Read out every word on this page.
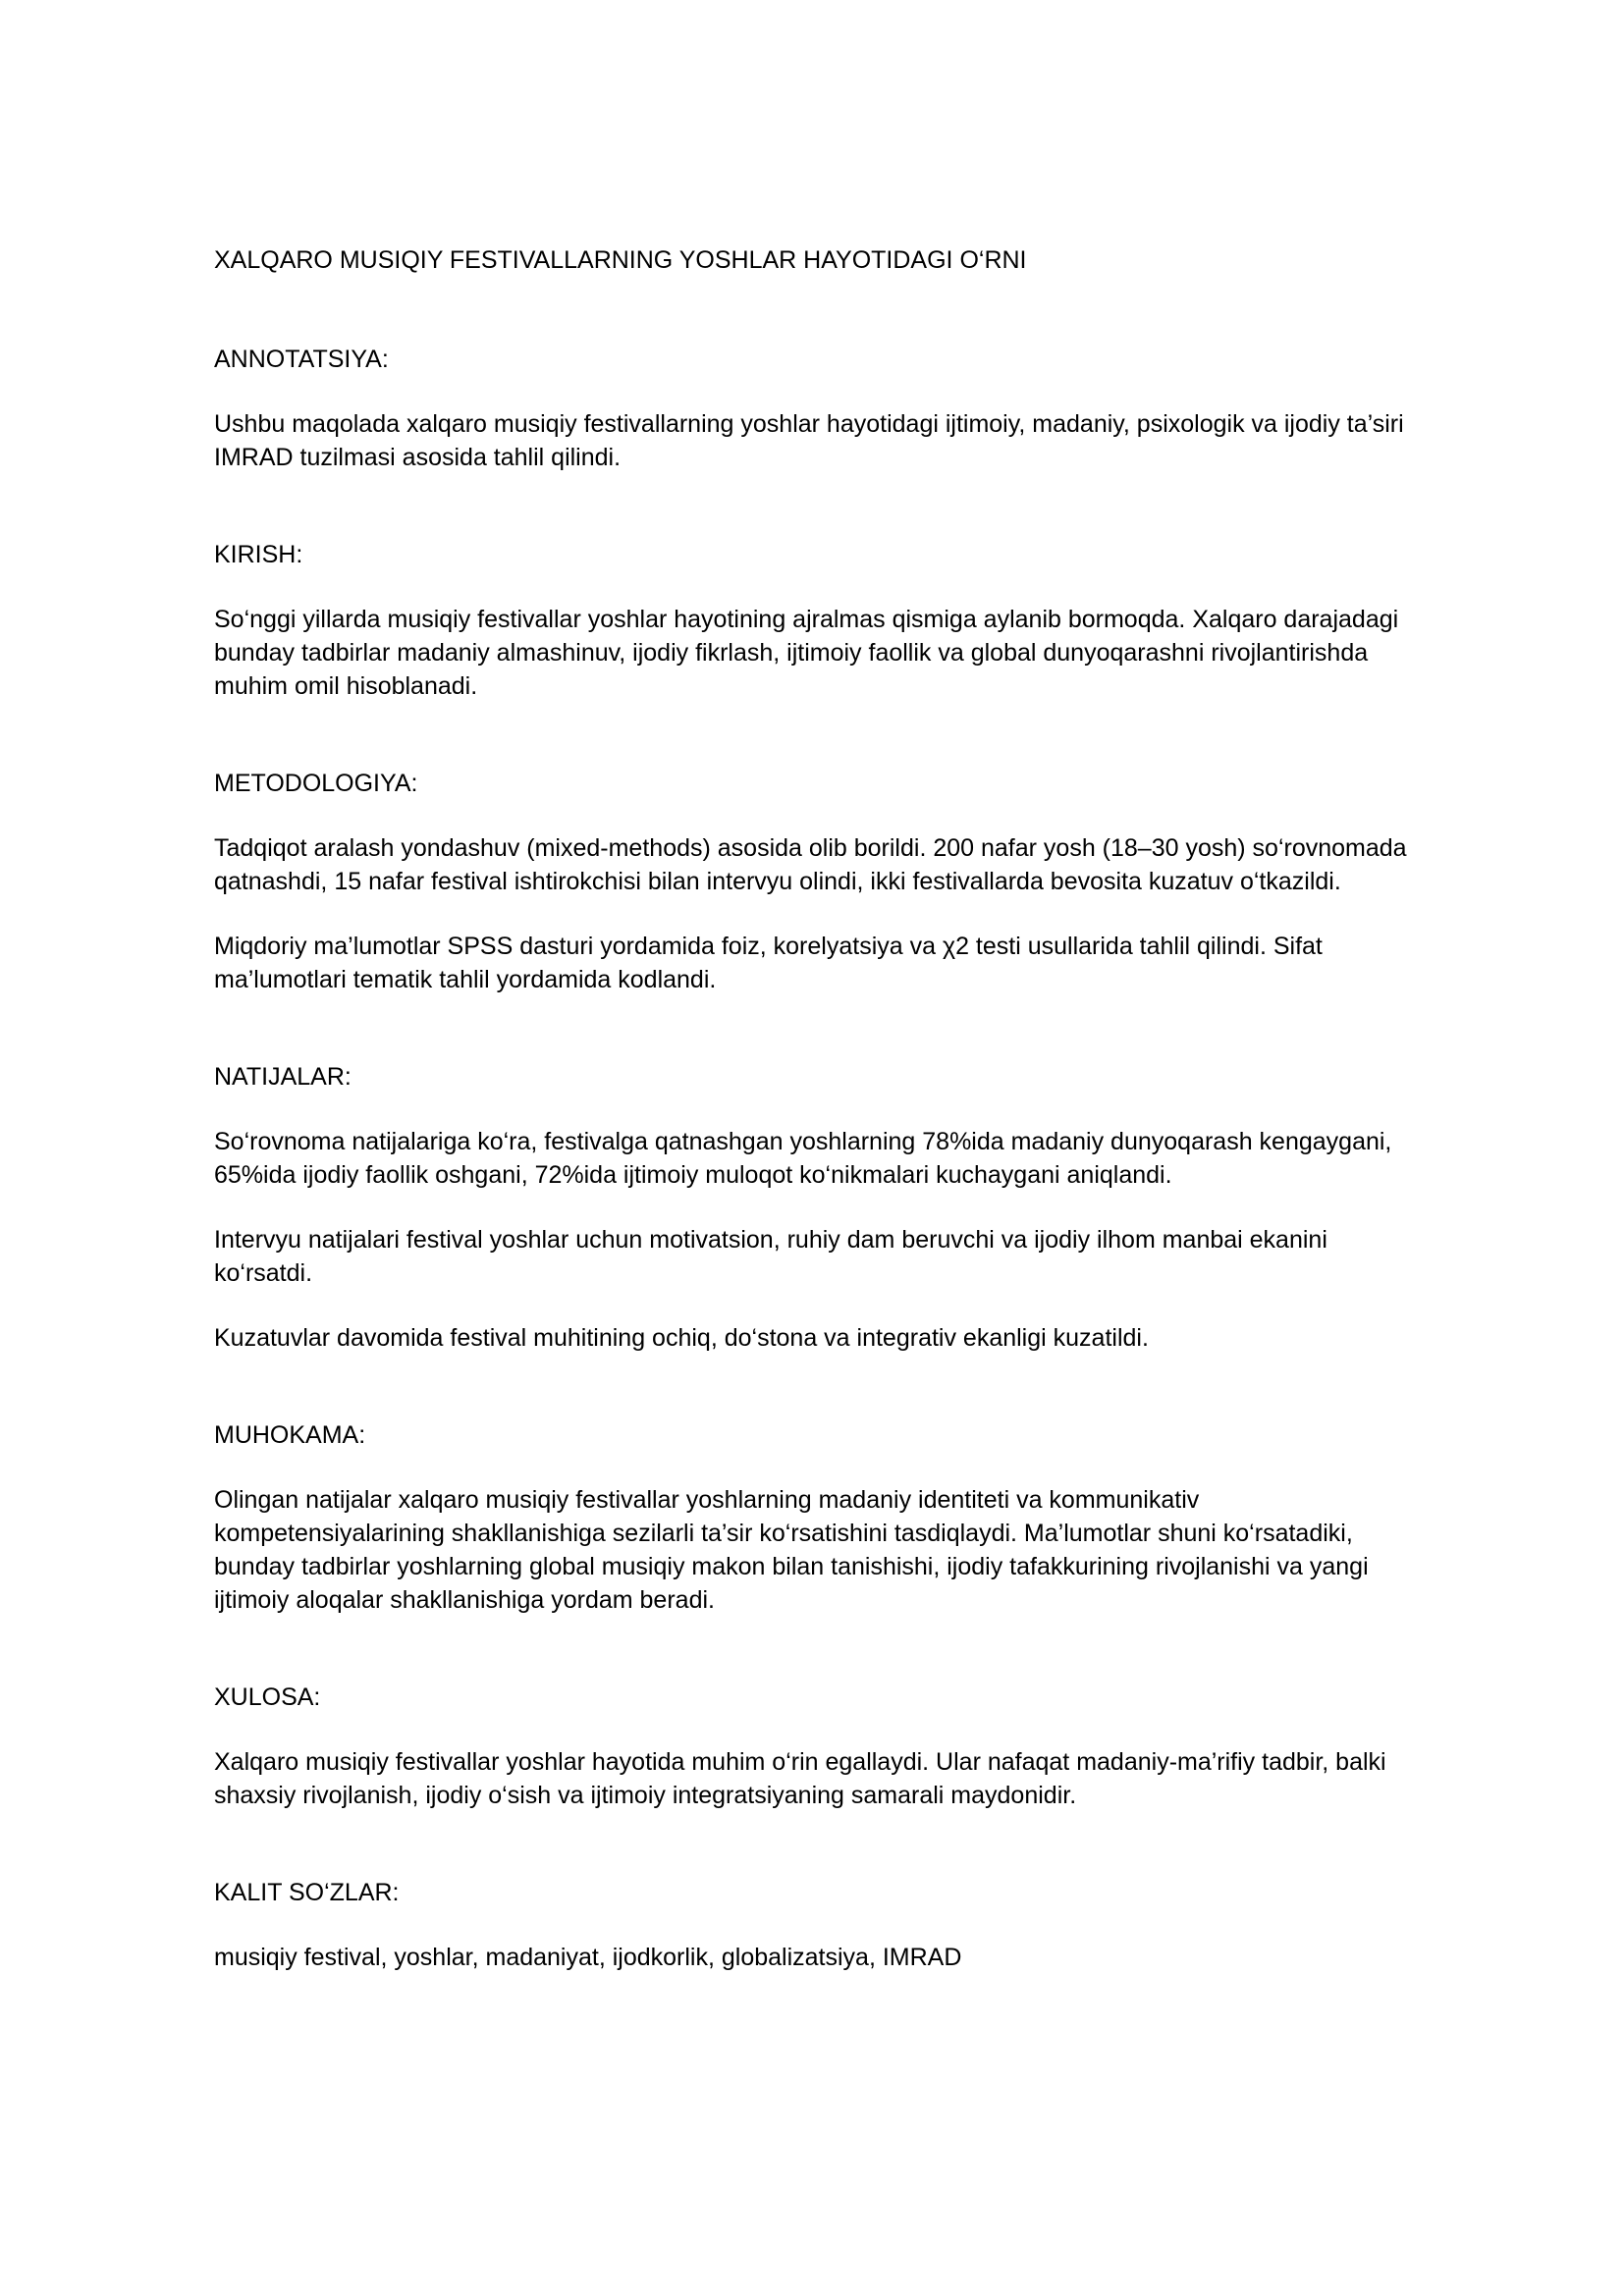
XALQARO MUSIQIY FESTIVALLARNING YOSHLAR HAYOTIDAGI O‘RNI
ANNOTATSIYA:

Ushbu maqolada xalqaro musiqiy festivallarning yoshlar hayotidagi ijtimoiy, madaniy, psixologik va ijodiy ta’siri IMRAD tuzilmasi asosida tahlil qilindi.

KIRISH:

So‘nggi yillarda musiqiy festivallar yoshlar hayotining ajralmas qismiga aylanib bormoqda. Xalqaro darajadagi bunday tadbirlar madaniy almashinuv, ijodiy fikrlash, ijtimoiy faollik va global dunyoqarashni rivojlantirishda muhim omil hisoblanadi.

METODOLOGIYA:

Tadqiqot aralash yondashuv (mixed-methods) asosida olib borildi. 200 nafar yosh (18–30 yosh) so‘rovnomada qatnashdi, 15 nafar festival ishtirokchisi bilan intervyu olindi, ikki festivallarda bevosita kuzatuv o‘tkazildi.

Miqdoriy ma’lumotlar SPSS dasturi yordamida foiz, korelyatsiya va χ2 testi usullarida tahlil qilindi. Sifat ma’lumotlari tematik tahlil yordamida kodlandi.

NATIJALAR:

So‘rovnoma natijalariga ko‘ra, festivalga qatnashgan yoshlarning 78%ida madaniy dunyoqarash kengaygani, 65%ida ijodiy faollik oshgani, 72%ida ijtimoiy muloqot ko‘nikmalari kuchaygani aniqlandi.

Intervyu natijalari festival yoshlar uchun motivatsion, ruhiy dam beruvchi va ijodiy ilhom manbai ekanini ko‘rsatdi.

Kuzatuvlar davomida festival muhitining ochiq, do‘stona va integrativ ekanligi kuzatildi.

MUHOKAMA:

Olingan natijalar xalqaro musiqiy festivallar yoshlarning madaniy identiteti va kommunikativ kompetensiyalarining shakllanishiga sezilarli ta’sir ko‘rsatishini tasdiqlaydi. Ma’lumotlar shuni ko‘rsatadiki, bunday tadbirlar yoshlarning global musiqiy makon bilan tanishishi, ijodiy tafakkurining rivojlanishi va yangi ijtimoiy aloqalar shakllanishiga yordam beradi.

XULOSA:

Xalqaro musiqiy festivallar yoshlar hayotida muhim o‘rin egallaydi. Ular nafaqat madaniy-ma’rifiy tadbir, balki shaxsiy rivojlanish, ijodiy o‘sish va ijtimoiy integratsiyaning samarali maydonidir.

KALIT SO‘ZLAR:

musiqiy festival, yoshlar, madaniyat, ijodkorlik, globalizatsiya, IMRAD
